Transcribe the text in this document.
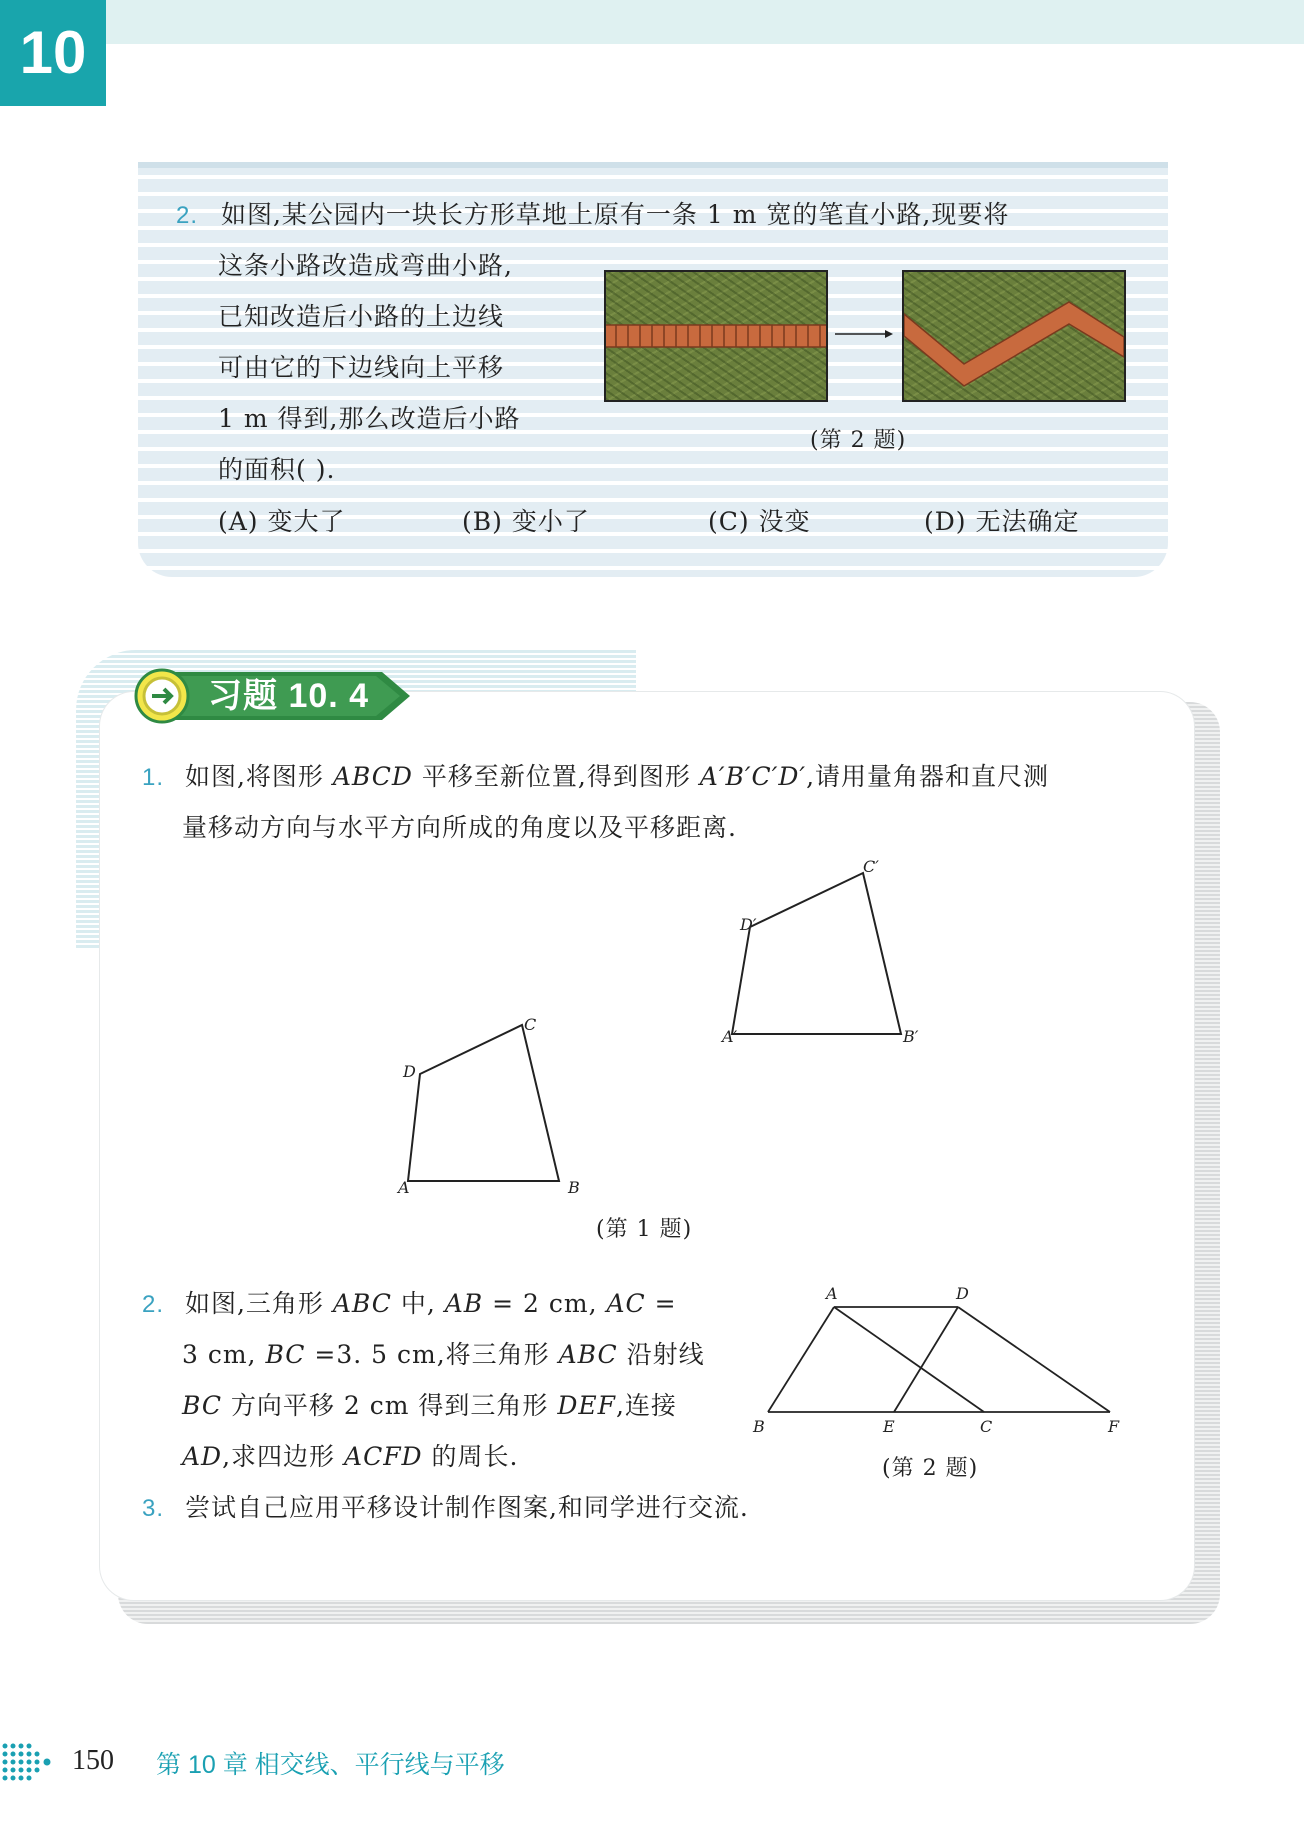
10
2. 如图,某公园内一块长方形草地上原有一条 1 m 宽的笔直小路,现要将
这条小路改造成弯曲小路,
已知改造后小路的上边线
可由它的下边线向上平移
1 m 得到,那么改造后小路
的面积( ).
(第 2 题)
(A) 变大了	(B) 变小了	(C) 没变	(D) 无法确定
习题 10. 4
1. 如图,将图形 ABCD 平移至新位置,得到图形 A′B′C′D′,请用量角器和直尺测
量移动方向与水平方向所成的角度以及平移距离.
A′	B′
C′
D′
A	B
C
D
(第 1 题)
2. 如图,三角形 ABC 中, AB = 2 cm, AC =
3 cm, BC =3. 5 cm,将三角形 ABC 沿射线
BC 方向平移 2 cm 得到三角形 DEF,连接
AD,求四边形 ACFD 的周长.
A	D
B	E	C	F
(第 2 题)
3. 尝试自己应用平移设计制作图案,和同学进行交流.
150 第 10 章 相交线、平行线与平移
